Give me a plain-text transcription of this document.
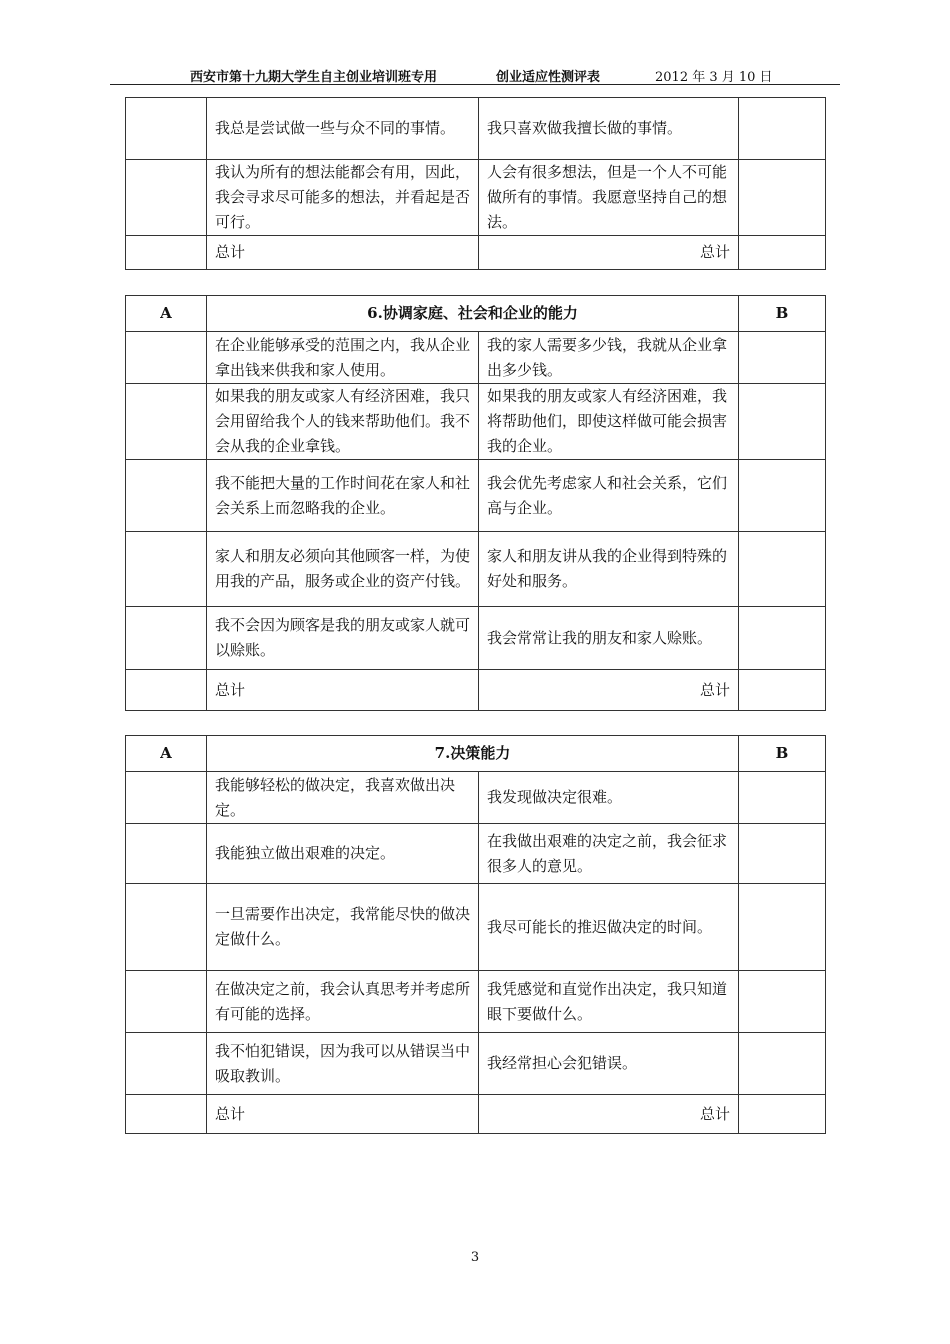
西安市第十九期大学生自主创业培训班专用	创业适应性测评表	2012 年 3 月 10 日
	我总是尝试做一些与众不同的事情。	我只喜欢做我擅长做的事情。	
	我认为所有的想法能都会有用，因此，我会寻求尽可能多的想法，并看起是否可行。	人会有很多想法，但是一个人不可能做所有的事情。我愿意坚持自己的想法。	
	总计	总计	
A	6.协调家庭、社会和企业的能力		B
	在企业能够承受的范围之内，我从企业拿出钱来供我和家人使用。	我的家人需要多少钱，我就从企业拿出多少钱。	
	如果我的朋友或家人有经济困难，我只会用留给我个人的钱来帮助他们。我不会从我的企业拿钱。	如果我的朋友或家人有经济困难，我将帮助他们，即使这样做可能会损害我的企业。	
	我不能把大量的工作时间花在家人和社会关系上而忽略我的企业。	我会优先考虑家人和社会关系，它们高与企业。	
	家人和朋友必须向其他顾客一样，为使用我的产品，服务或企业的资产付钱。	家人和朋友讲从我的企业得到特殊的好处和服务。	
	我不会因为顾客是我的朋友或家人就可以赊账。	我会常常让我的朋友和家人赊账。	
	总计	总计	
A	7.决策能力		B
	我能够轻松的做决定，我喜欢做出决定。	我发现做决定很难。	
	我能独立做出艰难的决定。	在我做出艰难的决定之前，我会征求很多人的意见。	
	一旦需要作出决定，我常能尽快的做决定做什么。	我尽可能长的推迟做决定的时间。	
	在做决定之前，我会认真思考并考虑所有可能的选择。	我凭感觉和直觉作出决定，我只知道眼下要做什么。	
	我不怕犯错误，因为我可以从错误当中吸取教训。	我经常担心会犯错误。	
	总计	总计	
3
